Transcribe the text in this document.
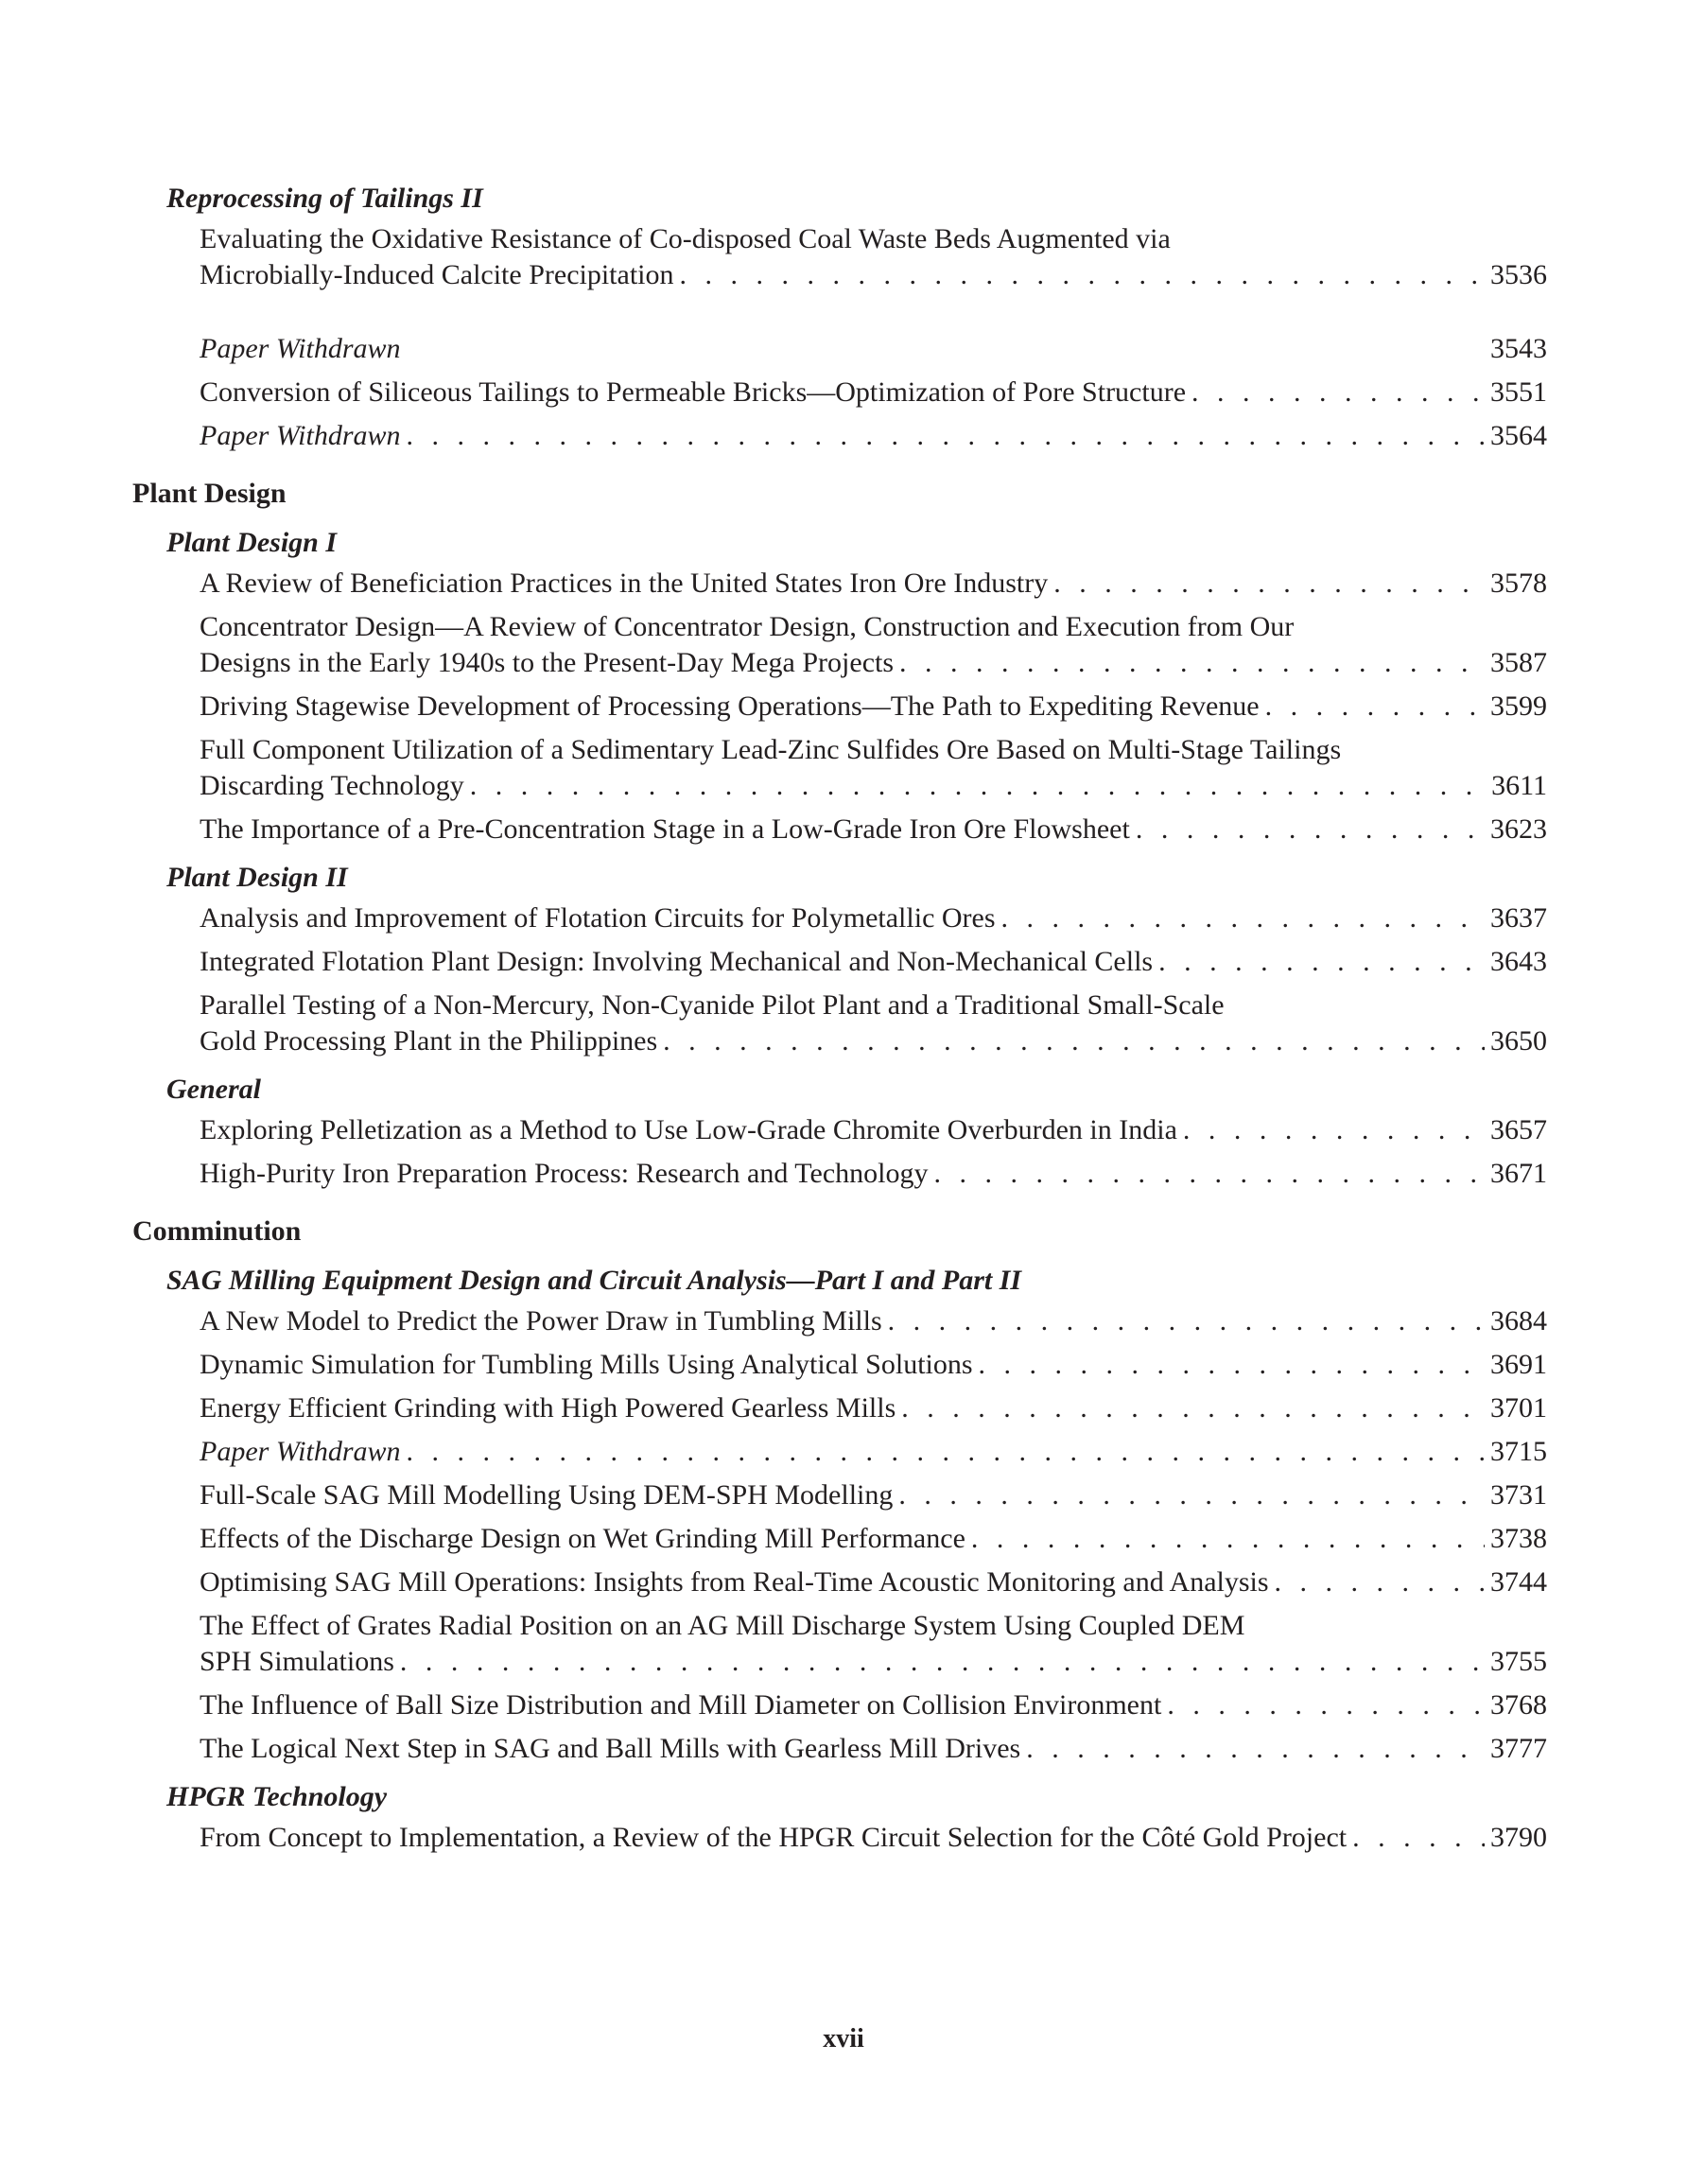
Reprocessing of Tailings II
Evaluating the Oxidative Resistance of Co-disposed Coal Waste Beds Augmented via
Microbially-Induced Calcite Precipitation . . .	3536
Paper Withdrawn	3543
Conversion of Siliceous Tailings to Permeable Bricks—Optimization of Pore Structure . . .	3551
Paper Withdrawn . . .	3564
Plant Design
Plant Design I
A Review of Beneficiation Practices in the United States Iron Ore Industry . . .	3578
Concentrator Design—A Review of Concentrator Design, Construction and Execution from Our
Designs in the Early 1940s to the Present-Day Mega Projects . . .	3587
Driving Stagewise Development of Processing Operations—The Path to Expediting Revenue . . .	3599
Full Component Utilization of a Sedimentary Lead-Zinc Sulfides Ore Based on Multi-Stage Tailings
Discarding Technology . . .	3611
The Importance of a Pre-Concentration Stage in a Low-Grade Iron Ore Flowsheet . . .	3623
Plant Design II
Analysis and Improvement of Flotation Circuits for Polymetallic Ores . . .	3637
Integrated Flotation Plant Design: Involving Mechanical and Non-Mechanical Cells . . .	3643
Parallel Testing of a Non-Mercury, Non-Cyanide Pilot Plant and a Traditional Small-Scale
Gold Processing Plant in the Philippines . . .	3650
General
Exploring Pelletization as a Method to Use Low-Grade Chromite Overburden in India . . .	3657
High-Purity Iron Preparation Process: Research and Technology . . .	3671
Comminution
SAG Milling Equipment Design and Circuit Analysis—Part I and Part II
A New Model to Predict the Power Draw in Tumbling Mills . . .	3684
Dynamic Simulation for Tumbling Mills Using Analytical Solutions . . .	3691
Energy Efficient Grinding with High Powered Gearless Mills . . .	3701
Paper Withdrawn . . .	3715
Full-Scale SAG Mill Modelling Using DEM-SPH Modelling . . .	3731
Effects of the Discharge Design on Wet Grinding Mill Performance . . .	3738
Optimising SAG Mill Operations: Insights from Real-Time Acoustic Monitoring and Analysis . . .	3744
The Effect of Grates Radial Position on an AG Mill Discharge System Using Coupled DEM
SPH Simulations . . .	3755
The Influence of Ball Size Distribution and Mill Diameter on Collision Environment . . .	3768
The Logical Next Step in SAG and Ball Mills with Gearless Mill Drives . . .	3777
HPGR Technology
From Concept to Implementation, a Review of the HPGR Circuit Selection for the Côté Gold Project . . .	3790
xvii
